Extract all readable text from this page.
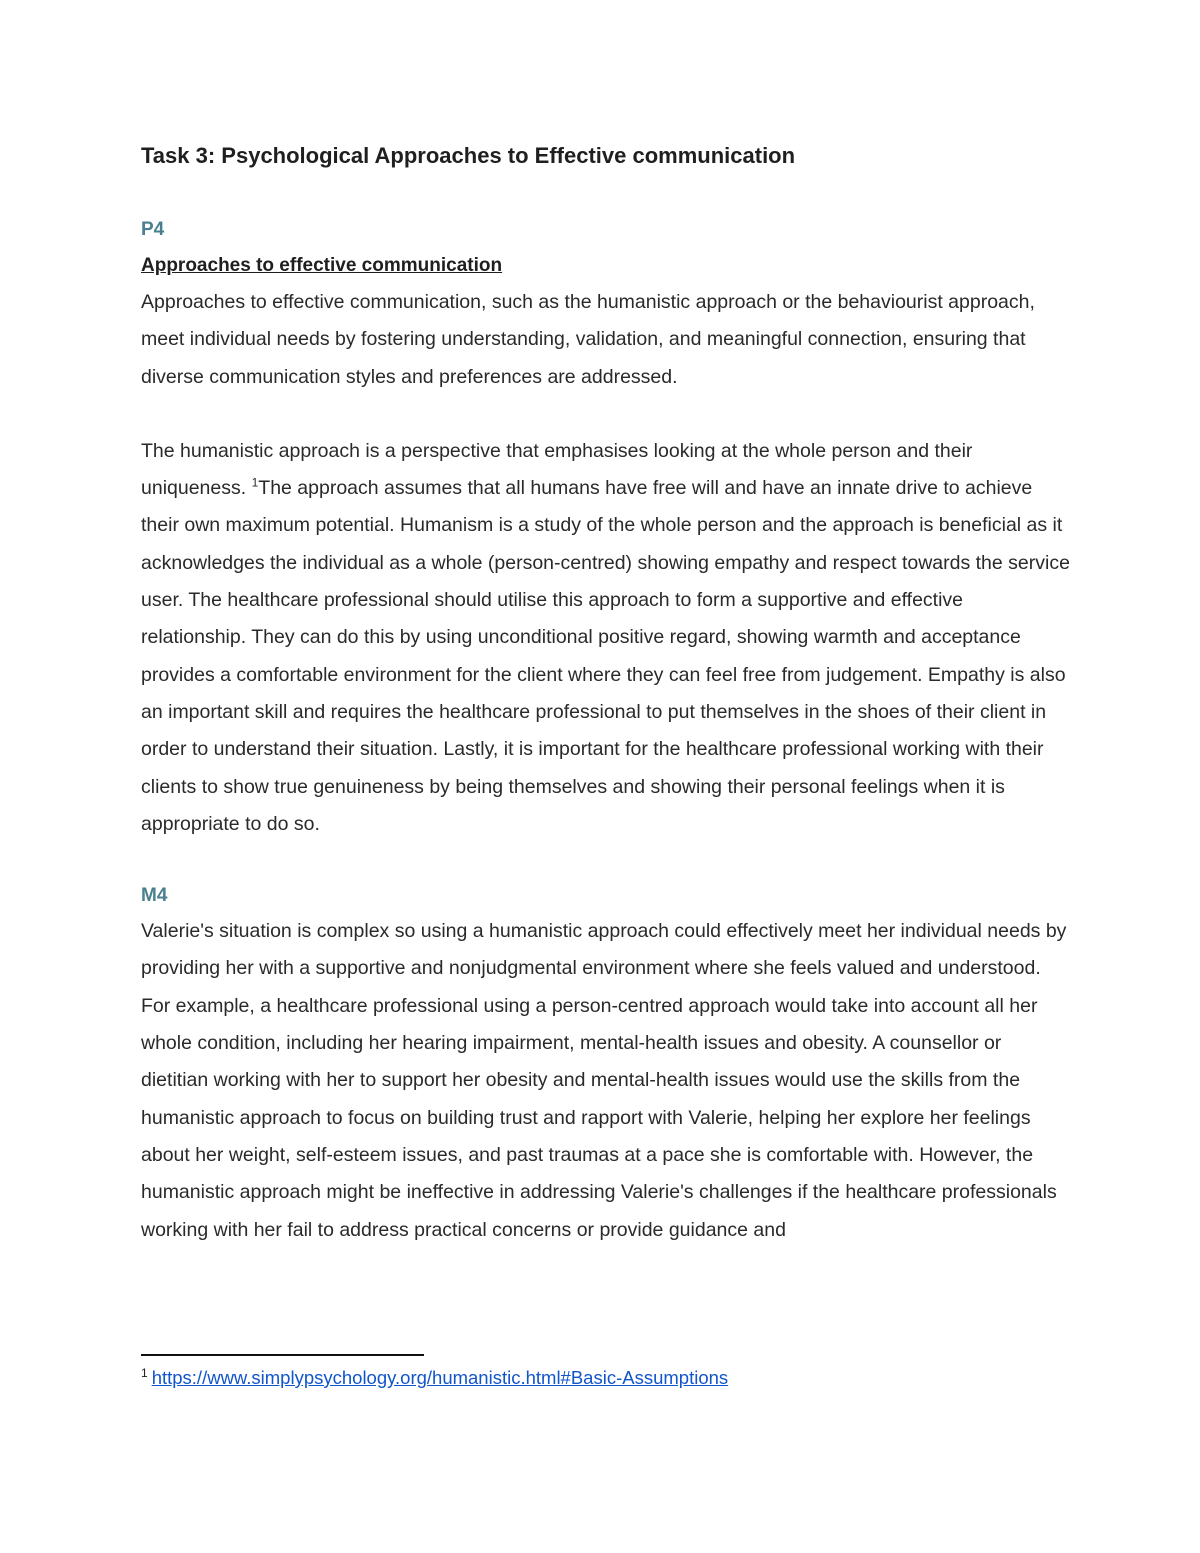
Task 3: Psychological Approaches to Effective communication
P4
Approaches to effective communication

Approaches to effective communication, such as the humanistic approach or the behaviourist approach, meet individual needs by fostering understanding, validation, and meaningful connection, ensuring that diverse communication styles and preferences are addressed.

The humanistic approach is a perspective that emphasises looking at the whole person and their uniqueness. $^1$The approach assumes that all humans have free will and have an innate drive to achieve their own maximum potential. Humanism is a study of the whole person and the approach is beneficial as it acknowledges the individual as a whole (person-centred) showing empathy and respect towards the service user. The healthcare professional should utilise this approach to form a supportive and effective relationship. They can do this by using unconditional positive regard, showing warmth and acceptance provides a comfortable environment for the client where they can feel free from judgement. Empathy is also an important skill and requires the healthcare professional to put themselves in the shoes of their client in order to understand their situation. Lastly, it is important for the healthcare professional working with their clients to show true genuineness by being themselves and showing their personal feelings when it is appropriate to do so.

M4

Valerie's situation is complex so using a humanistic approach could effectively meet her individual needs by providing her with a supportive and nonjudgmental environment where she feels valued and understood. For example, a healthcare professional using a person-centred approach would take into account all her whole condition, including her hearing impairment, mental-health issues and obesity. A counsellor or dietitian working with her to support her obesity and mental-health issues would use the skills from the humanistic approach to focus on building trust and rapport with Valerie, helping her explore her feelings about her weight, self-esteem issues, and past traumas at a pace she is comfortable with. However, the humanistic approach might be ineffective in addressing Valerie's challenges if the healthcare professionals working with her fail to address practical concerns or provide guidance and

$^1$ https://www.simplypsychology.org/humanistic.html#Basic-Assumptions
